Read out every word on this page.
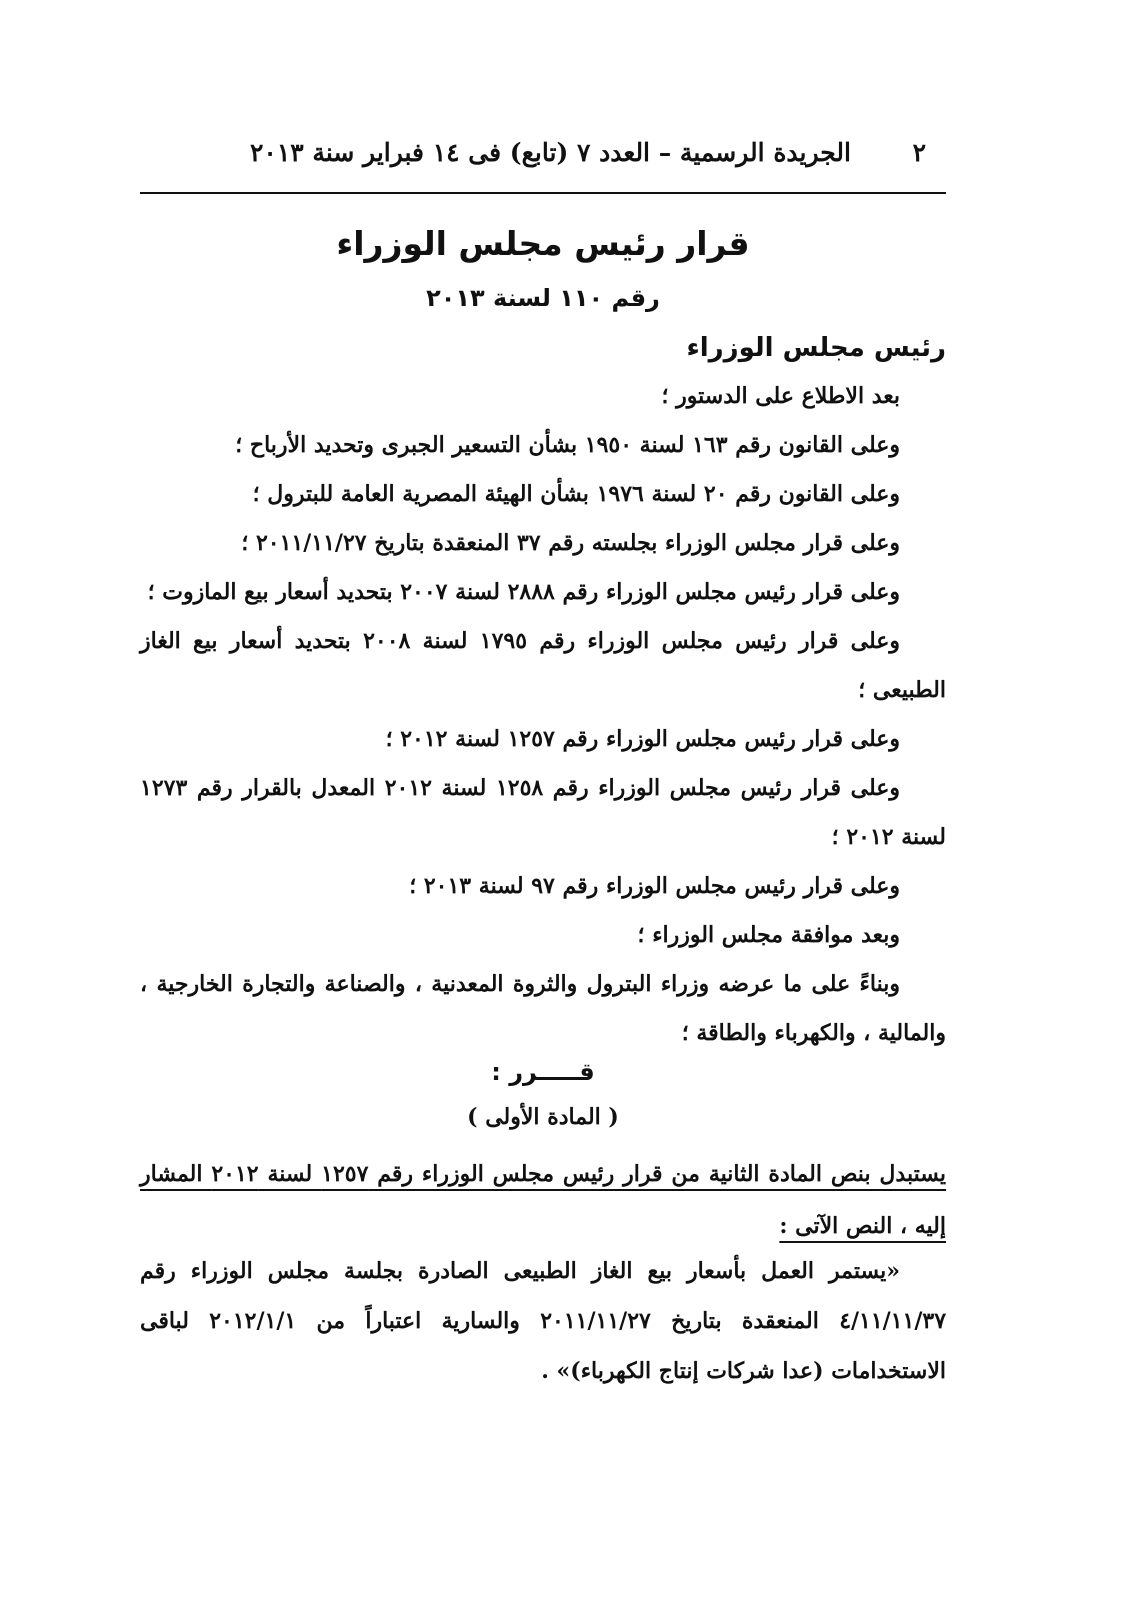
الجريدة الرسمية – العدد ٧ (تابع) فى ١٤ فبراير سنة ٢٠١٣ ٢
قرار رئيس مجلس الوزراء
رقم ١١٠ لسنة ٢٠١٣
رئيس مجلس الوزراء

بعد الاطلاع على الدستور ؛

وعلى القانون رقم ١٦٣ لسنة ١٩٥٠ بشأن التسعير الجبرى وتحديد الأرباح ؛

وعلى القانون رقم ٢٠ لسنة ١٩٧٦ بشأن الهيئة المصرية العامة للبترول ؛

وعلى قرار مجلس الوزراء بجلسته رقم ٣٧ المنعقدة بتاريخ ٢٠١١/١١/٢٧ ؛

وعلى قرار رئيس مجلس الوزراء رقم ٢٨٨٨ لسنة ٢٠٠٧ بتحديد أسعار بيع المازوت ؛

وعلى قرار رئيس مجلس الوزراء رقم ١٧٩٥ لسنة ٢٠٠٨ بتحديد أسعار بيع الغاز الطبيعى ؛

وعلى قرار رئيس مجلس الوزراء رقم ١٢٥٧ لسنة ٢٠١٢ ؛

وعلى قرار رئيس مجلس الوزراء رقم ١٢٥٨ لسنة ٢٠١٢ المعدل بالقرار رقم ١٢٧٣ لسنة ٢٠١٢ ؛

وعلى قرار رئيس مجلس الوزراء رقم ٩٧ لسنة ٢٠١٣ ؛

وبعد موافقة مجلس الوزراء ؛

وبناءً على ما عرضه وزراء البترول والثروة المعدنية ، والصناعة والتجارة الخارجية ، والمالية ، والكهرباء والطاقة ؛

قـــــرر :
( المادة الأولى )

يستبدل بنص المادة الثانية من قرار رئيس مجلس الوزراء رقم ١٢٥٧ لسنة ٢٠١٢ المشار إليه ، النص الآتى :

«يستمر العمل بأسعار بيع الغاز الطبيعى الصادرة بجلسة مجلس الوزراء رقم ٤/١١/١١/٣٧ المنعقدة بتاريخ ٢٠١١/١١/٢٧ والسارية اعتباراً من ٢٠١٢/١/١ لباقى الاستخدامات (عدا شركات إنتاج الكهرباء)» .
